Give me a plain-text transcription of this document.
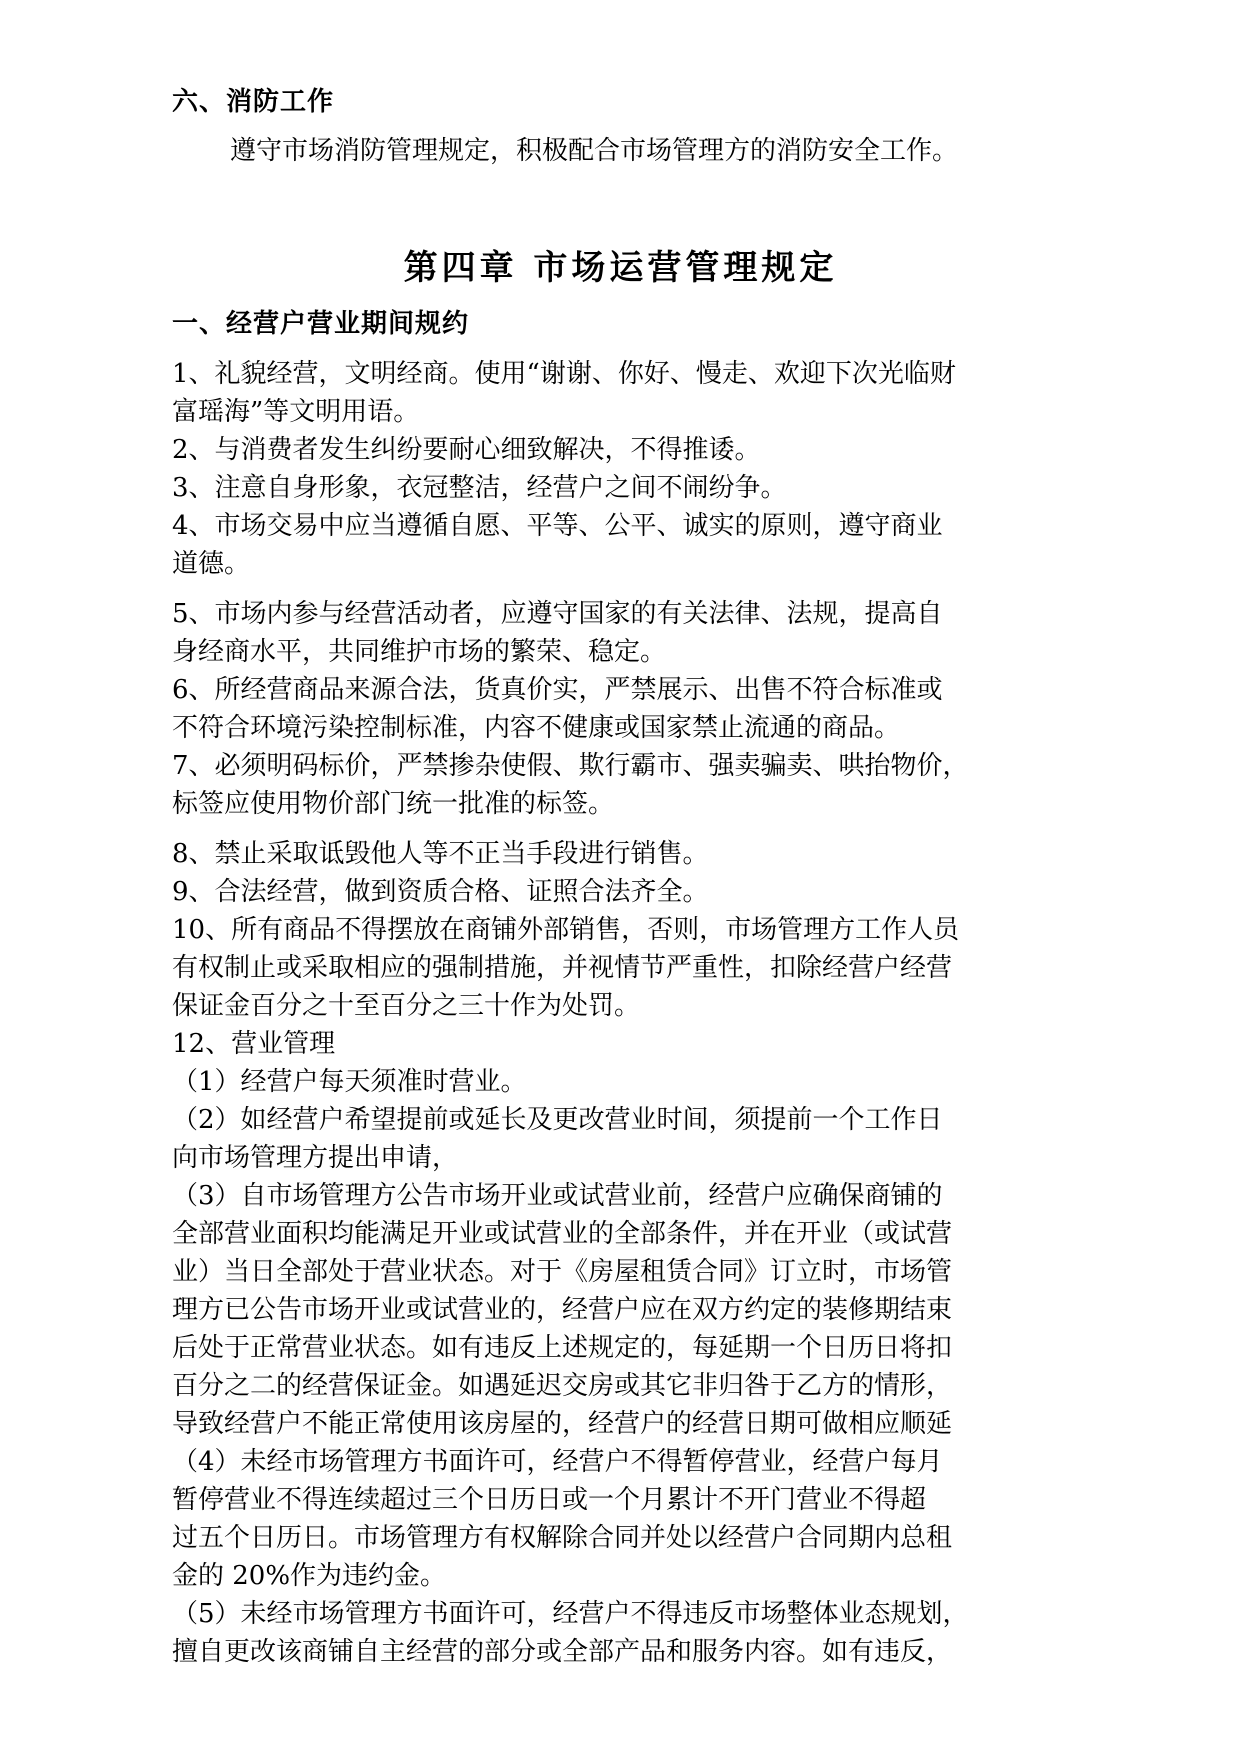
六、消防工作
遵守市场消防管理规定，积极配合市场管理方的消防安全工作。
第四章 市场运营管理规定
一、经营户营业期间规约
1、礼貌经营，文明经商。使用“谢谢、你好、慢走、欢迎下次光临财
富瑶海”等文明用语。
2、与消费者发生纠纷要耐心细致解决，不得推诿。
3、注意自身形象，衣冠整洁，经营户之间不闹纷争。
4、市场交易中应当遵循自愿、平等、公平、诚实的原则，遵守商业
道德。
5、市场内参与经营活动者，应遵守国家的有关法律、法规，提高自
身经商水平，共同维护市场的繁荣、稳定。
6、所经营商品来源合法，货真价实，严禁展示、出售不符合标准或
不符合环境污染控制标准，内容不健康或国家禁止流通的商品。
7、必须明码标价，严禁掺杂使假、欺行霸市、强卖骗卖、哄抬物价，
标签应使用物价部门统一批准的标签。
8、禁止采取诋毁他人等不正当手段进行销售。
9、合法经营，做到资质合格、证照合法齐全。
10、所有商品不得摆放在商铺外部销售，否则，市场管理方工作人员
有权制止或采取相应的强制措施，并视情节严重性，扣除经营户经营
保证金百分之十至百分之三十作为处罚。
12、营业管理
（1）经营户每天须准时营业。
（2）如经营户希望提前或延长及更改营业时间，须提前一个工作日
向市场管理方提出申请，
（3）自市场管理方公告市场开业或试营业前，经营户应确保商铺的
全部营业面积均能满足开业或试营业的全部条件，并在开业（或试营
业）当日全部处于营业状态。对于《房屋租赁合同》订立时，市场管
理方已公告市场开业或试营业的，经营户应在双方约定的装修期结束
后处于正常营业状态。如有违反上述规定的，每延期一个日历日将扣
百分之二的经营保证金。如遇延迟交房或其它非归咎于乙方的情形，
导致经营户不能正常使用该房屋的，经营户的经营日期可做相应顺延
（4）未经市场管理方书面许可，经营户不得暂停营业，经营户每月
暂停营业不得连续超过三个日历日或一个月累计不开门营业不得超
过五个日历日。市场管理方有权解除合同并处以经营户合同期内总租
金的 20%作为违约金。
（5）未经市场管理方书面许可，经营户不得违反市场整体业态规划，
擅自更改该商铺自主经营的部分或全部产品和服务内容。如有违反，
